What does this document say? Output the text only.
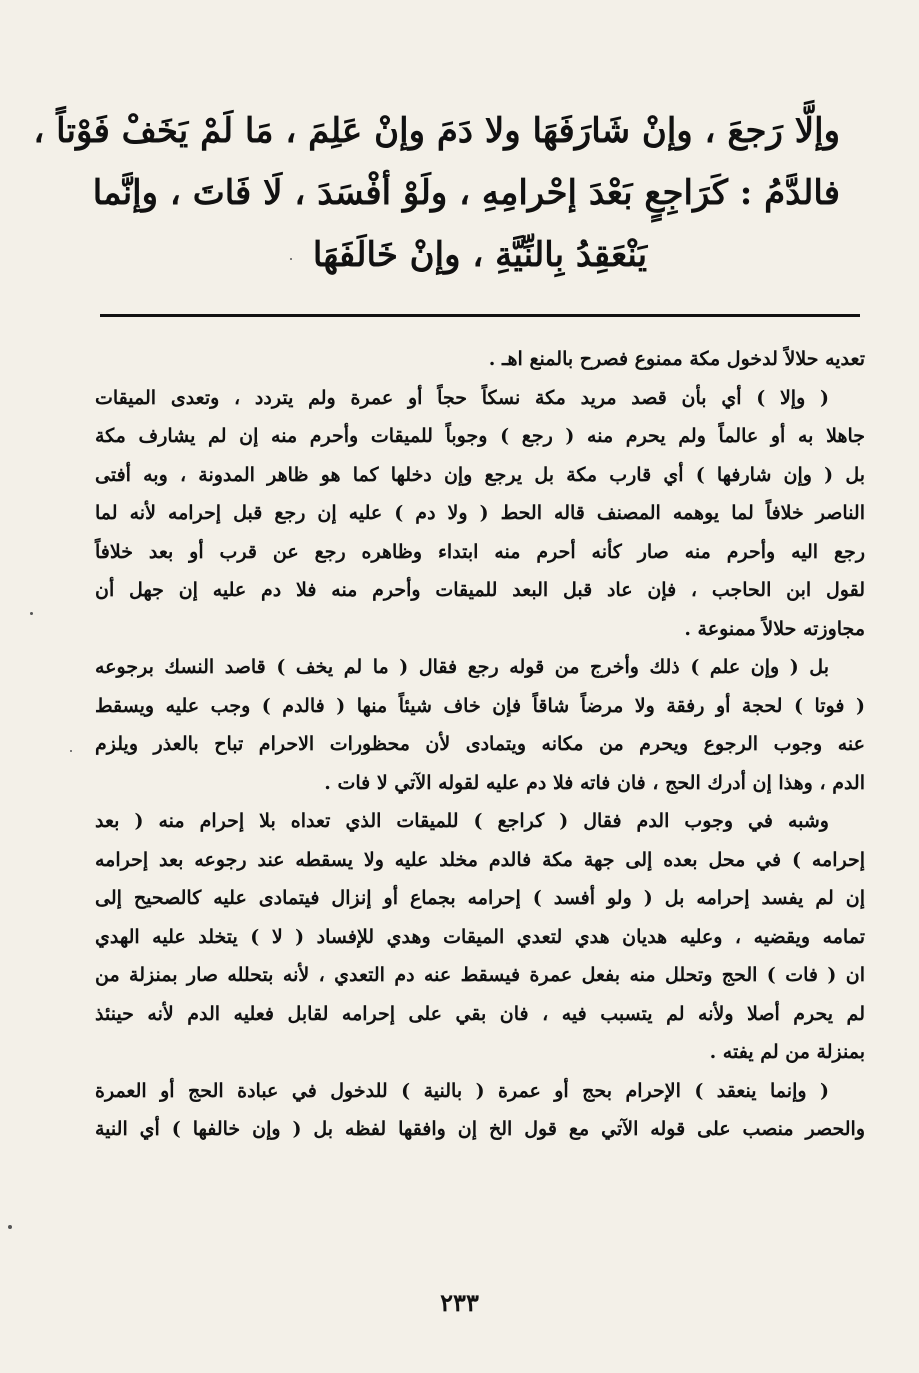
وإلَّا رَجعَ ، وإنْ شَارَفَهَا ولا دَمَ وإنْ عَلِمَ ، مَا لَمْ يَخَفْ فَوْتاً ،
فالدَّمُ : كَرَاجِعٍ بَعْدَ إحْرامِهِ ، ولَوْ أفْسَدَ ، لَا فَاتَ ، وإنَّما
يَنْعَقِدُ بِالنِّيَّةِ ، وإنْ خَالَفَهَا
تعديه حلالاً لدخول مكة ممنوع فصرح بالمنع اهـ .
( وإلا ) أي بأن قصد مريد مكة نسكاً حجاً أو عمرة ولم يتردد ، وتعدى الميقات
جاهلا به أو عالماً ولم يحرم منه ( رجع ) وجوباً للميقات وأحرم منه إن لم يشارف مكة
بل ( وإن شارفها ) أي قارب مكة بل يرجع وإن دخلها كما هو ظاهر المدونة ، وبه أفتى
الناصر خلافاً لما يوهمه المصنف قاله الحط ( ولا دم ) عليه إن رجع قبل إحرامه لأنه لما
رجع اليه وأحرم منه صار كأنه أحرم منه ابتداء وظاهره رجع عن قرب أو بعد خلافاً
لقول ابن الحاجب ، فإن عاد قبل البعد للميقات وأحرم منه فلا دم عليه إن جهل أن
مجاوزته حلالاً ممنوعة .
بل ( وإن علم ) ذلك وأخرج من قوله رجع فقال ( ما لم يخف ) قاصد النسك برجوعه
( فوتا ) لحجة أو رفقة ولا مرضاً شاقاً فإن خاف شيئاً منها ( فالدم ) وجب عليه ويسقط
عنه وجوب الرجوع ويحرم من مكانه ويتمادى لأن محظورات الاحرام تباح بالعذر ويلزم
الدم ، وهذا إن أدرك الحج ، فان فاته فلا دم عليه لقوله الآتي لا فات .
وشبه في وجوب الدم فقال ( كراجع ) للميقات الذي تعداه بلا إحرام منه ( بعد
إحرامه ) في محل بعده إلى جهة مكة فالدم مخلد عليه ولا يسقطه عند رجوعه بعد إحرامه
إن لم يفسد إحرامه بل ( ولو أفسد ) إحرامه بجماع أو إنزال فيتمادى عليه كالصحيح إلى
تمامه ويقضيه ، وعليه هديان هدي لتعدي الميقات وهدي للإفساد ( لا ) يتخلد عليه الهدي
ان ( فات ) الحج وتحلل منه بفعل عمرة فيسقط عنه دم التعدي ، لأنه بتحلله صار بمنزلة من
لم يحرم أصلا ولأنه لم يتسبب فيه ، فان بقي على إحرامه لقابل فعليه الدم لأنه حينئذ
بمنزلة من لم يفته .
( وإنما ينعقد ) الإحرام بحج أو عمرة ( بالنية ) للدخول في عبادة الحج أو العمرة
والحصر منصب على قوله الآتي مع قول الخ إن وافقها لفظه بل ( وإن خالفها ) أي النية
٢٣٣
